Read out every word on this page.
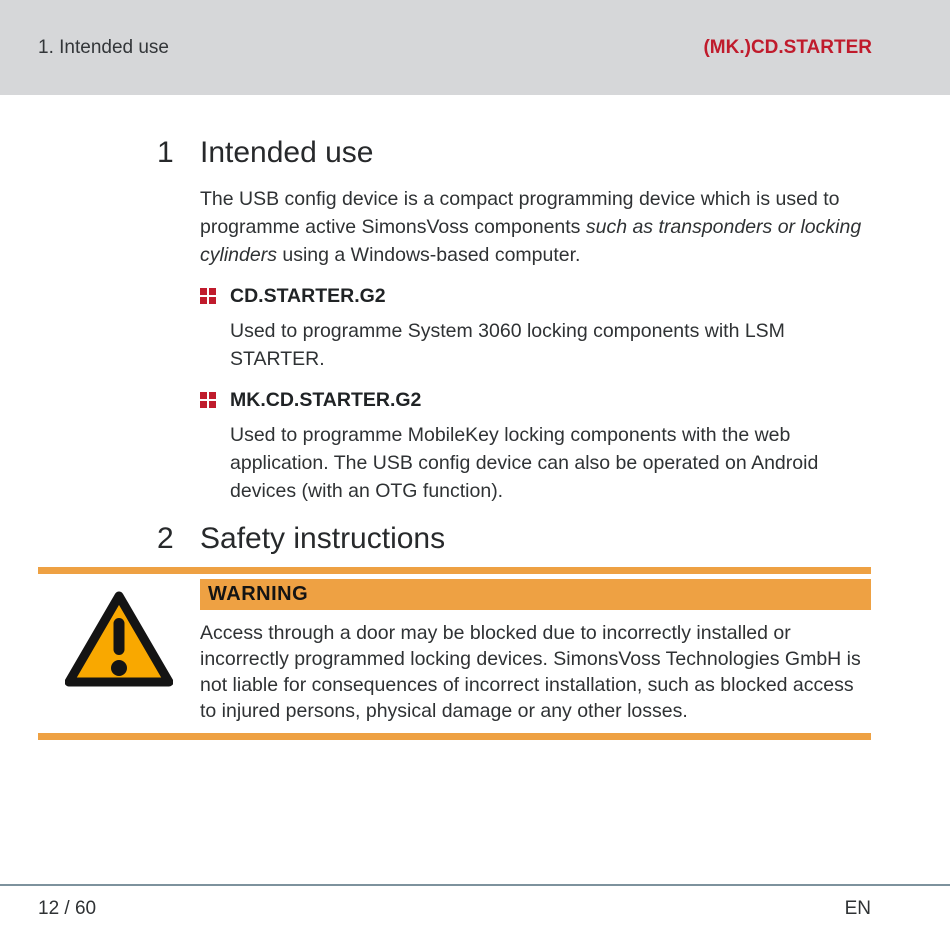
1. Intended use	(MK.)CD.STARTER
1 Intended use

The USB config device is a compact programming device which is used to programme active SimonsVoss components such as transponders or locking cylinders using a Windows-based computer.

CD.STARTER.G2

Used to programme System 3060 locking components with LSM STARTER.

MK.CD.STARTER.G2

Used to programme MobileKey locking components with the web application. The USB config device can also be operated on Android devices (with an OTG function).

2 Safety instructions
WARNING

Access through a door may be blocked due to incorrectly installed or incorrectly programmed locking devices. SimonsVoss Technologies GmbH is not liable for consequences of incorrect installation, such as blocked access to injured persons, physical damage or any other losses.

12 / 60	EN
